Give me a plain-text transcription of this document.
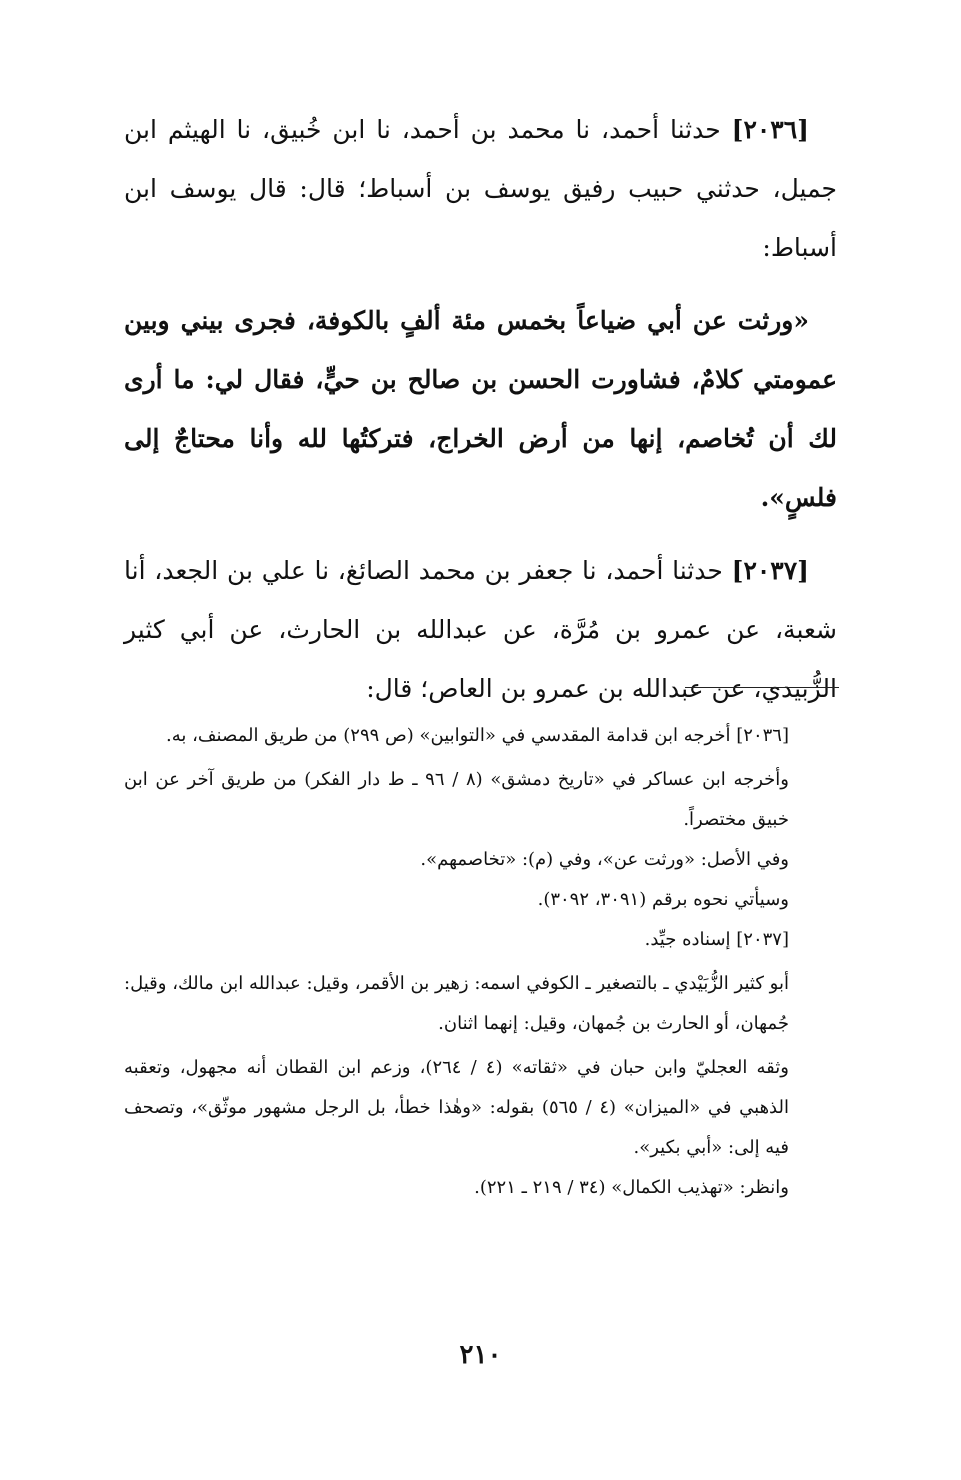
[٢٠٣٦] حدثنا أحمد، نا محمد بن أحمد، نا ابن خُبيق، نا الهيثم ابن جميل، حدثني حبيب رفيق يوسف بن أسباط؛ قال: قال يوسف ابن أسباط:

«ورثت عن أبي ضياعاً بخمس مئة ألفٍ بالكوفة، فجرى بيني وبين عمومتي كلامٌ، فشاورت الحسن بن صالح بن حيٍّ، فقال لي: ما أرى لك أن تُخاصم، إنها من أرض الخراج، فتركتُها لله وأنا محتاجٌ إلى فلسٍ».

[٢٠٣٧] حدثنا أحمد، نا جعفر بن محمد الصائغ، نا علي بن الجعد، أنا شعبة، عن عمرو بن مُرَّة، عن عبدالله بن الحارث، عن أبي كثير الزُّبيدي، عن عبدالله بن عمرو بن العاص؛ قال:

[٢٠٣٦] أخرجه ابن قدامة المقدسي في «التوابين» (ص ٢٩٩) من طريق المصنف، به.

وأخرجه ابن عساكر في «تاريخ دمشق» (٨ / ٩٦ ـ ط دار الفكر) من طريق آخر عن ابن خبيق مختصراً.

وفي الأصل: «ورثت عن»، وفي (م): «تخاصمهم».

وسيأتي نحوه برقم (٣٠٩١، ٣٠٩٢).

[٢٠٣٧] إسناده جيِّد.

أبو كثير الزُّبَيْدي ـ بالتصغير ـ الكوفي اسمه: زهير بن الأقمر، وقيل: عبدالله ابن مالك، وقيل: جُمهان، أو الحارث بن جُمهان، وقيل: إنهما اثنان.

وثقه العجليّ وابن حبان في «ثقاته» (٤ / ٢٦٤)، وزعم ابن القطان أنه مجهول، وتعقبه الذهبي في «الميزان» (٤ / ٥٦٥) بقوله: «وهٰذا خطأ، بل الرجل مشهور موثّق»، وتصحف فيه إلى: «أبي بكير».

وانظر: «تهذيب الكمال» (٣٤ / ٢١٩ ـ ٢٢١).

٢١٠
